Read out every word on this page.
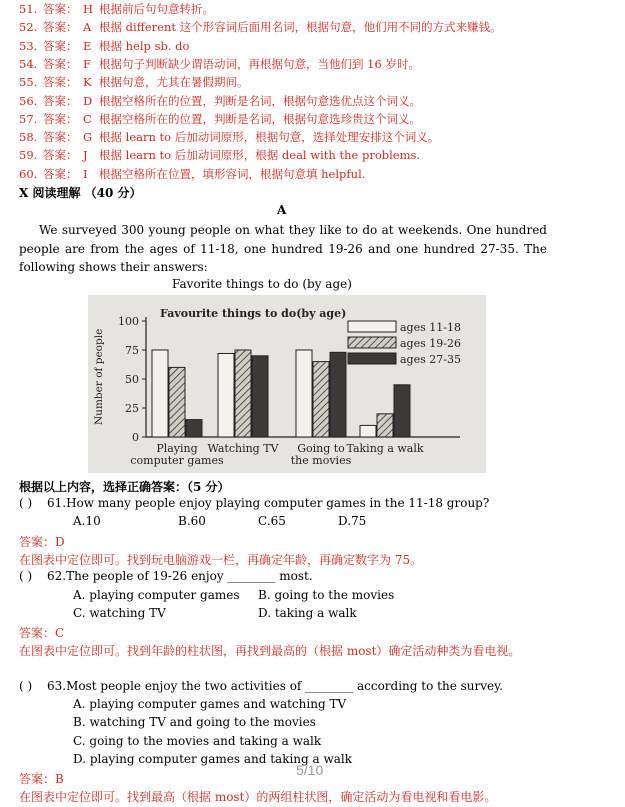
51. 答案： H 根据前后句句意转折。
52. 答案： A 根据 different 这个形容词后面用名词，根据句意，他们用不同的方式来赚钱。
53. 答案： E 根据 help sb. do
54. 答案： F 根据句子判断缺少谓语动词，再根据句意，当他们到 16 岁时。
55. 答案： K 根据句意，尤其在暑假期间。
56. 答案： D 根据空格所在的位置，判断是名词，根据句意选优点这个词义。
57. 答案： C 根据空格所在的位置，判断是名词，根据句意选珍贵这个词义。
58. 答案： G 根据 learn to 后加动词原形，根据句意，选择处理安排这个词义。
59. 答案： J 根据 learn to 后加动词原形，根据 deal with the problems.
60. 答案： I 根据空格所在位置，填形容词，根据句意填 helpful.
X 阅读理解 （40 分）
A
We surveyed 300 young people on what they like to do at weekends. One hundred people are from the ages of 11-18, one hundred 19-26 and one hundred 27-35. The following shows their answers:
Favorite things to do (by age)
Favourite things to do(by age)
Number of people
0
25
50
75
100
Playing
computer games
Watching TV Going to
the movies
Taking a walk
ages 11-18
ages 19-26
ages 27-35
根据以上内容，选择正确答案：（5 分）
( ) 61.How many people enjoy playing computer games in the 11-18 group?
A.10	B.60	C.65	D.75
答案：D
在图表中定位即可。找到玩电脑游戏一栏，再确定年龄，再确定数字为 75。
( ) 62.The people of 19-26 enjoy ________ most.
A. playing computer games B. going to the movies
C. watching TV	D. taking a walk
答案：C
在图表中定位即可。找到年龄的柱状图，再找到最高的（根据 most）确定活动种类为看电视。
( ) 63.Most people enjoy the two activities of ________ according to the survey.
A. playing computer games and watching TV
B. watching TV and going to the movies
C. going to the movies and taking a walk
D. playing computer games and taking a walk
答案：B
在图表中定位即可。找到最高（根据 most）的两组柱状图，确定活动为看电视和看电影。
5/10
